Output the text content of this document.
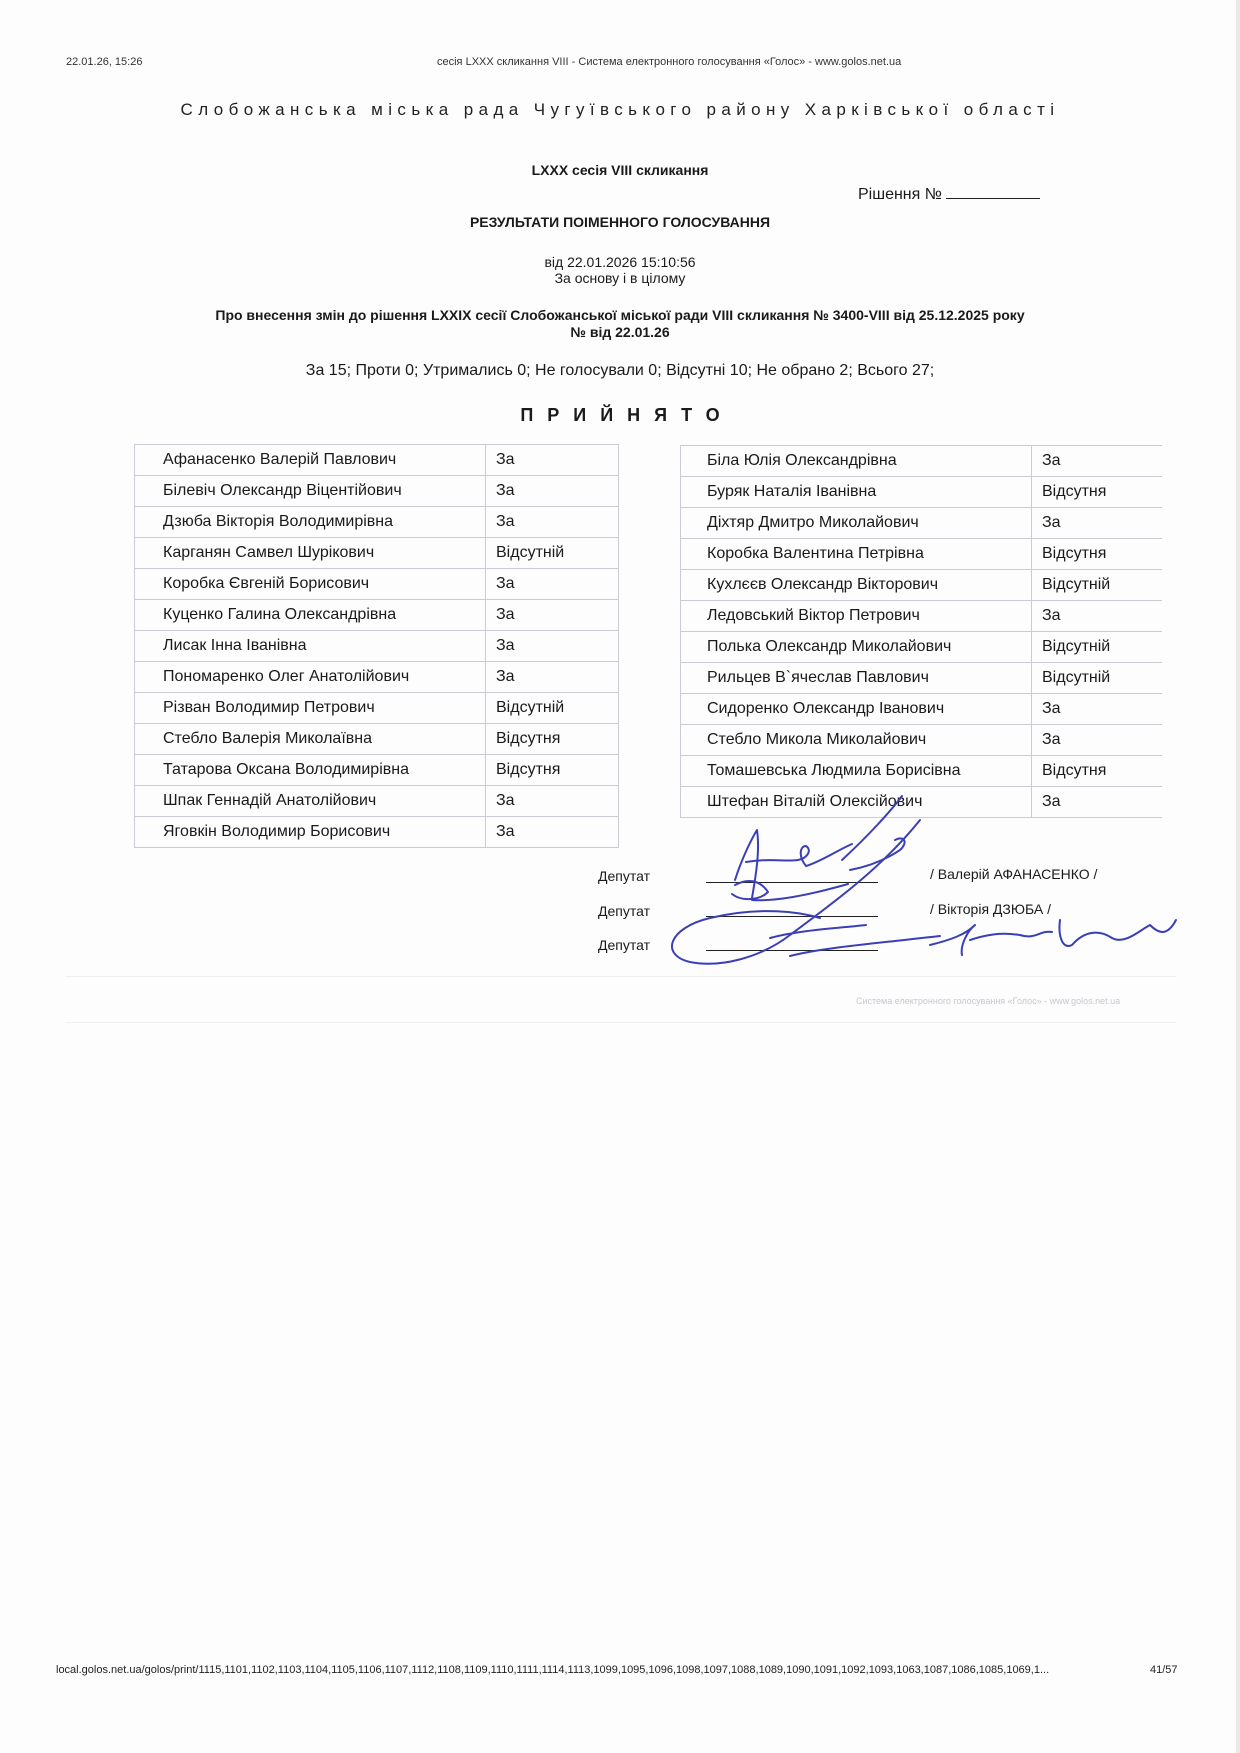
22.01.26, 15:26	сесія LXXX скликання VIII - Система електронного голосування «Голос» - www.golos.net.ua
Слобожанська міська рада Чугуївського району Харківської області
LXXX сесія VIII скликання
Рішення №
РЕЗУЛЬТАТИ ПОІМЕННОГО ГОЛОСУВАННЯ
від 22.01.2026 15:10:56
За основу і в цілому
Про внесення змін до рішення LXXIX сесії Слобожанської міської ради VIII скликання № 3400-VIII від 25.12.2025 року
№ від 22.01.26
За 15; Проти 0; Утримались 0; Не голосували 0; Відсутні 10; Не обрано 2; Всього 27;
ПРИЙНЯТО
Афанасенко Валерій Павлович	За
Білевіч Олександр Віцентійович	За
Дзюба Вікторія Володимирівна	За
Карганян Самвел Шурікович	Відсутній
Коробка Євгеній Борисович	За
Куценко Галина Олександрівна	За
Лисак Інна Іванівна	За
Пономаренко Олег Анатолійович	За
Різван Володимир Петрович	Відсутній
Стебло Валерія Миколаївна	Відсутня
Татарова Оксана Володимирівна	Відсутня
Шпак Геннадій Анатолійович	За
Яговкін Володимир Борисович	За
Біла Юлія Олександрівна	За
Буряк Наталія Іванівна	Відсутня
Діхтяр Дмитро Миколайович	За
Коробка Валентина Петрівна	Відсутня
Кухлєєв Олександр Вікторович	Відсутній
Ледовський Віктор Петрович	За
Полька Олександр Миколайович	Відсутній
Рильцев В`ячеслав Павлович	Відсутній
Сидоренко Олександр Іванович	За
Стебло Микола Миколайович	За
Томашевська Людмила Борисівна	Відсутня
Штефан Віталій Олексійович	За
Депутат	/ Валерій АФАНАСЕНКО /
Депутат	/ Вікторія ДЗЮБА /
Депутат
Система електронного голосування «Голос» - www.golos.net.ua
local.golos.net.ua/golos/print/1115,1101,1102,1103,1104,1105,1106,1107,1112,1108,1109,1110,1111,1114,1113,1099,1095,1096,1098,1097,1088,1089,1090,1091,1092,1093,1063,1087,1086,1085,1069,1...	41/57
